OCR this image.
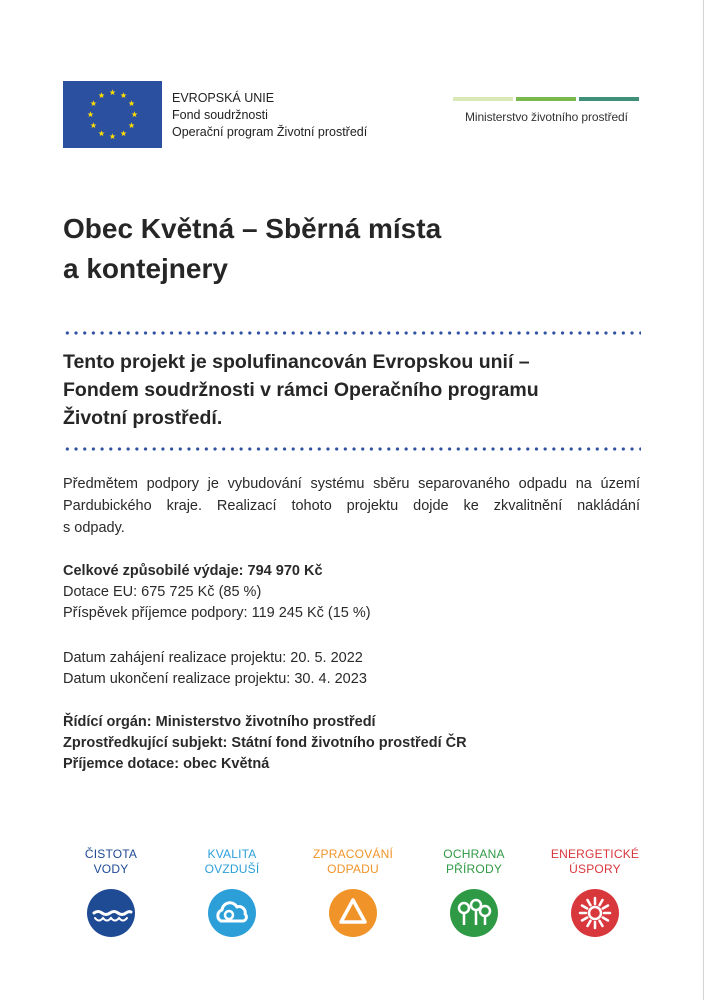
EVROPSKÁ UNIE
Fond soudržnosti
Operační program Životní prostředí
Ministerstvo životního prostředí
Obec Květná – Sběrná místa
a kontejnery
Tento projekt je spolufinancován Evropskou unií –
Fondem soudržnosti v rámci Operačního programu
Životní prostředí.
Předmětem podpory je vybudování systému sběru separovaného odpadu na území
Pardubického kraje. Realizací tohoto projektu dojde ke zkvalitnění nakládání
s odpady.
Celkové způsobilé výdaje: 794 970 Kč
Dotace EU: 675 725 Kč (85 %)
Příspěvek příjemce podpory: 119 245 Kč (15 %)
Datum zahájení realizace projektu: 20. 5. 2022
Datum ukončení realizace projektu: 30. 4. 2023
Řídící orgán: Ministerstvo životního prostředí
Zprostředkující subjekt: Státní fond životního prostředí ČR
Příjemce dotace: obec Květná
ČISTOTA
VODY
KVALITA
OVZDUŠÍ
ZPRACOVÁNÍ
ODPADU
OCHRANA
PŘÍRODY
ENERGETICKÉ
ÚSPORY
